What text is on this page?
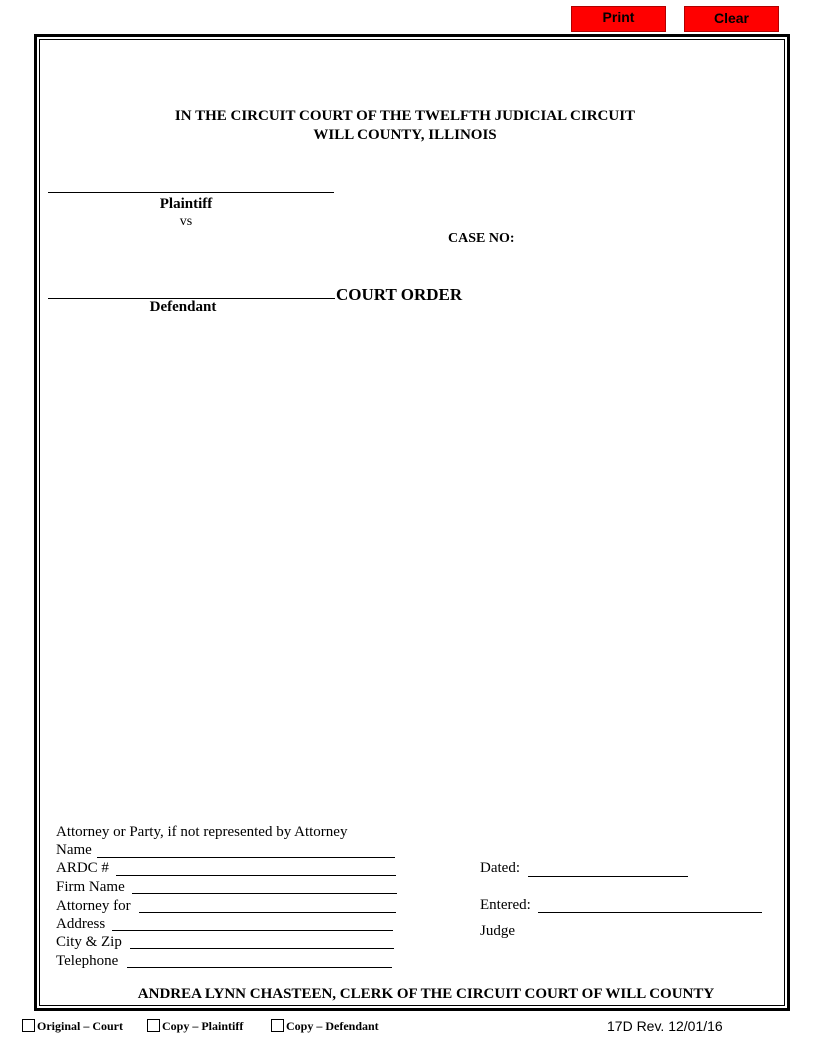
Print	Clear
IN THE CIRCUIT COURT OF THE TWELFTH JUDICIAL CIRCUIT
WILL COUNTY, ILLINOIS
Plaintiff
vs
CASE NO:
COURT ORDER
Defendant
Attorney or Party, if not represented by Attorney
Name
ARDC #
Firm Name
Attorney for
Address
City & Zip
Telephone
Dated:
Entered:
Judge
ANDREA LYNN CHASTEEN, CLERK OF THE CIRCUIT COURT OF WILL COUNTY
Original – Court	Copy – Plaintiff	Copy – Defendant	17D Rev. 12/01/16
